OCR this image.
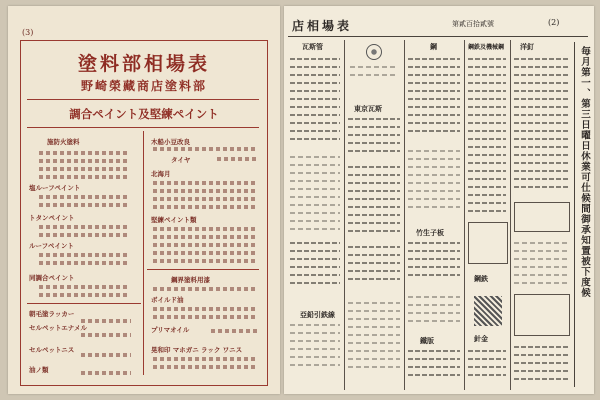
(3)
塗料部相場表
野崎榮藏商店塗料部
調合ペイント及堅練ペイント
施防火塗料
塩ルーフペイント
トタンペイント
ルーフペイント
同調合ペイント
朝毛塗ラッカー
セルペットエナメル
セルペットニス
油ノ類
木船小豆改良
タイヤ
北海月
堅練ペイント類
鋼界塗料用漆
ボイルド油
プリマオイル
晃和印 マホガニ ラック ワニス
店相場表	第貳百拾貳號	(2)
瓦斯管
亞鉛引鉄線
東京瓦斯
鋼
竹生子板
鐵版
鋼鉄及機械鋼
鋼鉄
針金
洋釘	毎月第一、第三日曜日休業可仕候間御承知置被下度候
